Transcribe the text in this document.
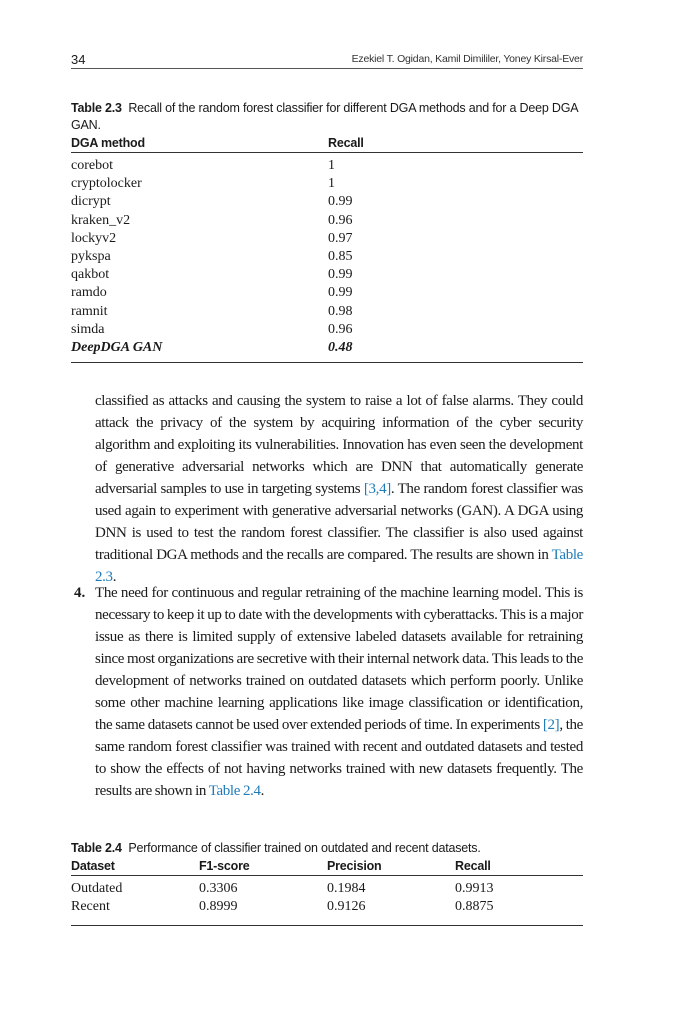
34	Ezekiel T. Ogidan, Kamil Dimililer, Yoney Kirsal-Ever
Table 2.3 Recall of the random forest classifier for different DGA methods and for a Deep DGA GAN.
DGA method	Recall
corebot	1
cryptolocker	1
dicrypt	0.99
kraken_v2	0.96
lockyv2	0.97
pykspa	0.85
qakbot	0.99
ramdo	0.99
ramnit	0.98
simda	0.96
DeepDGA GAN	0.48

classified as attacks and causing the system to raise a lot of false alarms. They could attack the privacy of the system by acquiring information of the cyber security algorithm and exploiting its vulnerabilities. Innovation has even seen the development of generative adversarial networks which are DNN that automatically generate adversarial samples to use in targeting systems [3,4]. The random forest classifier was used again to experiment with generative adversarial networks (GAN). A DGA using DNN is used to test the random forest classifier. The classifier is also used against traditional DGA methods and the recalls are compared. The results are shown in Table 2.3.

4. The need for continuous and regular retraining of the machine learning model. This is necessary to keep it up to date with the developments with cyberattacks. This is a major issue as there is limited supply of extensive labeled datasets available for retraining since most organizations are secretive with their internal network data. This leads to the development of networks trained on outdated datasets which perform poorly. Unlike some other machine learning applications like image classification or identification, the same datasets cannot be used over extended periods of time. In experiments [2], the same random forest classifier was trained with recent and outdated datasets and tested to show the effects of not having networks trained with new datasets frequently. The results are shown in Table 2.4.

Table 2.4 Performance of classifier trained on outdated and recent datasets.
Dataset	F1-score	Precision	Recall
Outdated	0.3306	0.1984	0.9913
Recent	0.8999	0.9126	0.8875
